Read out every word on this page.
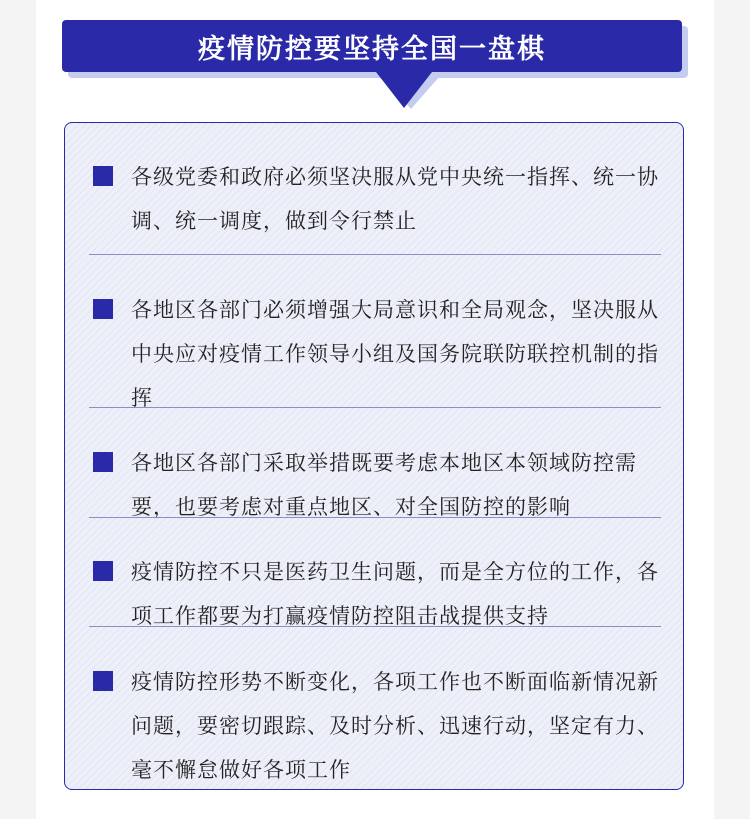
疫情防控要坚持全国一盘棋
各级党委和政府必须坚决服从党中央统一指挥、统一协调、统一调度，做到令行禁止
各地区各部门必须增强大局意识和全局观念，坚决服从中央应对疫情工作领导小组及国务院联防联控机制的指挥
各地区各部门采取举措既要考虑本地区本领域防控需要，也要考虑对重点地区、对全国防控的影响
疫情防控不只是医药卫生问题，而是全方位的工作，各项工作都要为打赢疫情防控阻击战提供支持
疫情防控形势不断变化，各项工作也不断面临新情况新问题，要密切跟踪、及时分析、迅速行动，坚定有力、毫不懈怠做好各项工作
